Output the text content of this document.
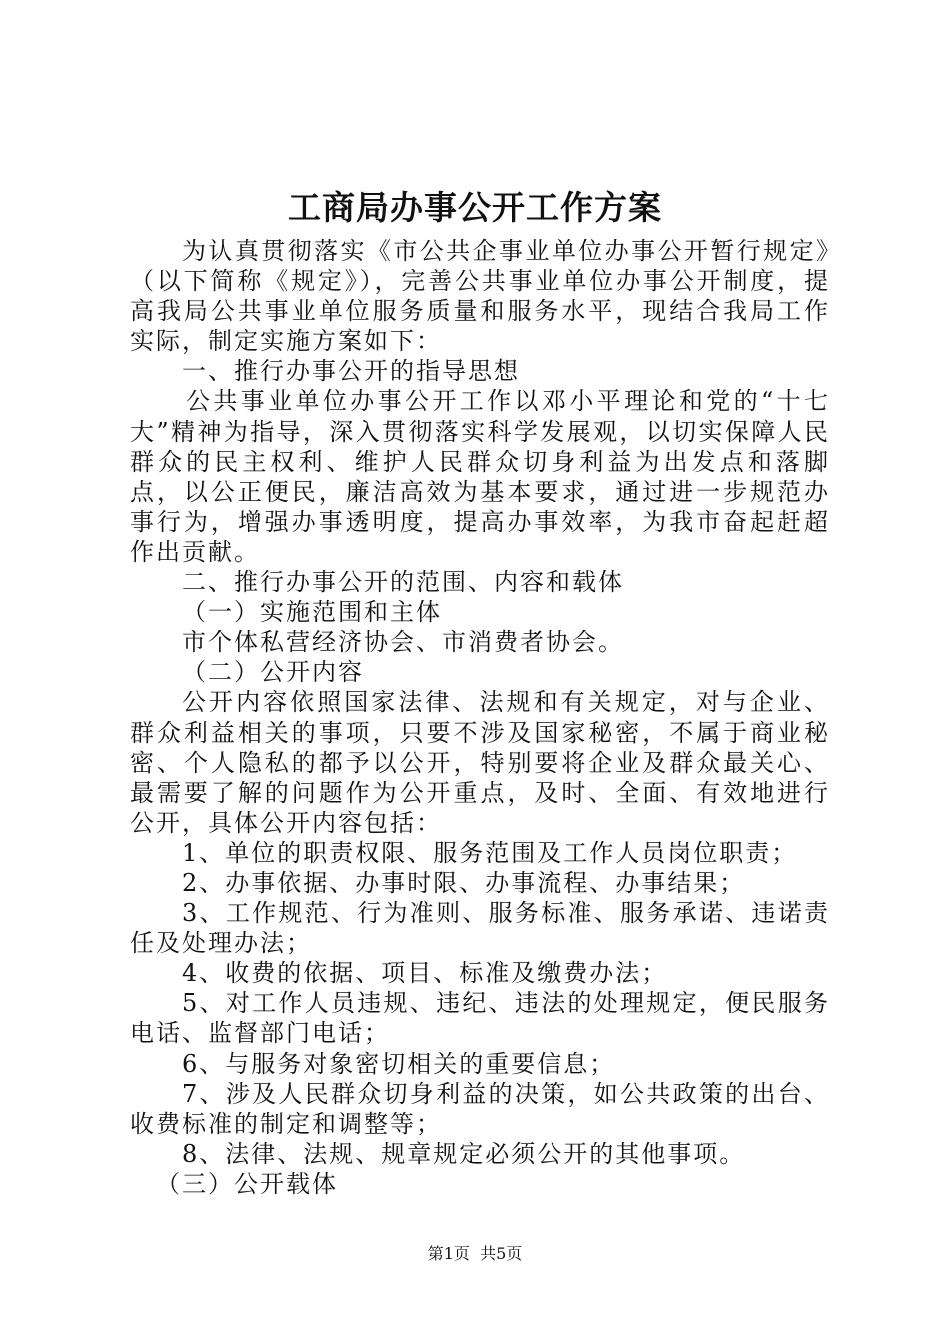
工商局办事公开工作方案

为认真贯彻落实《市公共企事业单位办事公开暂行规定》（以下简称《规定》），完善公共事业单位办事公开制度，提高我局公共事业单位服务质量和服务水平，现结合我局工作实际，制定实施方案如下：

一、推行办事公开的指导思想

公共事业单位办事公开工作以邓小平理论和党的“十七大”精神为指导，深入贯彻落实科学发展观，以切实保障人民群众的民主权利、维护人民群众切身利益为出发点和落脚点，以公正便民，廉洁高效为基本要求，通过进一步规范办事行为，增强办事透明度，提高办事效率，为我市奋起赶超作出贡献。

二、推行办事公开的范围、内容和载体

（一）实施范围和主体

市个体私营经济协会、市消费者协会。

（二）公开内容

公开内容依照国家法律、法规和有关规定，对与企业、群众利益相关的事项，只要不涉及国家秘密，不属于商业秘密、个人隐私的都予以公开，特别要将企业及群众最关心、最需要了解的问题作为公开重点，及时、全面、有效地进行公开，具体公开内容包括：

1、单位的职责权限、服务范围及工作人员岗位职责；

2、办事依据、办事时限、办事流程、办事结果；

3、工作规范、行为准则、服务标准、服务承诺、违诺责任及处理办法；

4、收费的依据、项目、标准及缴费办法；

5、对工作人员违规、违纪、违法的处理规定，便民服务电话、监督部门电话；

6、与服务对象密切相关的重要信息；

7、涉及人民群众切身利益的决策，如公共政策的出台、收费标准的制定和调整等；

8、法律、法规、规章规定必须公开的其他事项。

（三）公开载体

第1页 共5页
